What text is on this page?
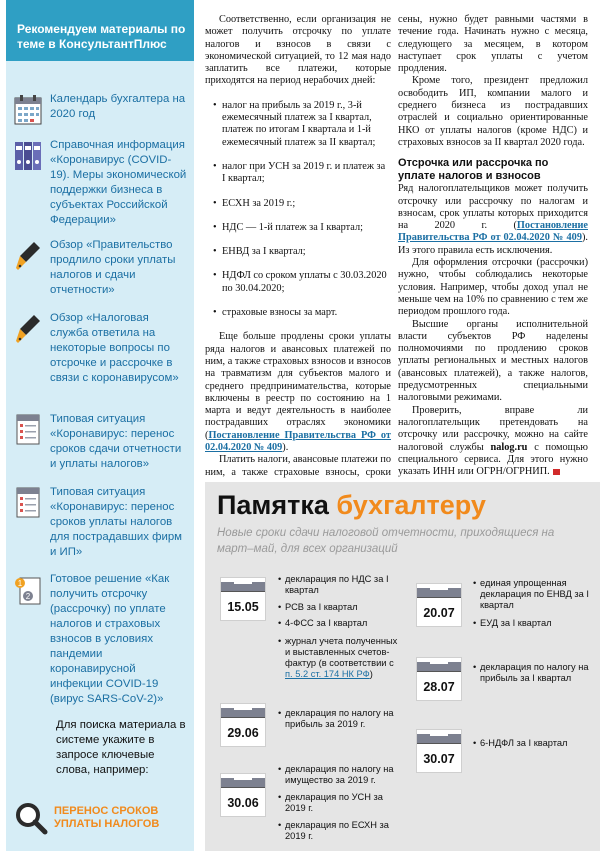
Рекомендуем материалы по теме в КонсультантПлюс
Календарь бухгалтера на 2020 год
Справочная информация «Коронавирус (COVID-19). Меры экономической поддержки бизнеса в субъектах Российской Федерации»
Обзор «Правительство продлило сроки уплаты налогов и сдачи отчетности»
Обзор «Налоговая служба ответила на некоторые вопросы по отсрочке и рассрочке в связи с коронавирусом»
Типовая ситуация «Коронавирус: перенос сроков сдачи отчетности и уплаты налогов»
Типовая ситуация «Коронавирус: перенос сроков уплаты налогов для пострадавших фирм и ИП»
1
2
Готовое решение «Как получить отсрочку (рассрочку) по уплате налогов и страховых взносов в условиях пандемии коронавирусной инфекции COVID-19 (вирус SARS-CoV-2)»
Для поиска материала в системе укажите в запросе ключевые слова, например:
ПЕРЕНОС СРОКОВ УПЛАТЫ НАЛОГОВ

Соответственно, если организация не может получить отсрочку по уплате налогов и взносов в связи с экономической ситуацией, то 12 мая надо заплатить все платежи, которые приходятся на период нерабочих дней:

• налог на прибыль за 2019 г., 3-й ежемесячный платеж за I квартал, платеж по итогам I квартала и 1-й ежемесячный платеж за II квартал;
• налог при УСН за 2019 г. и платеж за I квартал;
• ЕСХН за 2019 г.;
• НДС — 1-й платеж за I квартал;
• ЕНВД за I квартал;
• НДФЛ со сроком уплаты с 30.03.2020 по 30.04.2020;
• страховые взносы за март.

Еще больше продлены сроки уплаты ряда налогов и авансовых платежей по ним, а также страховых взносов и взносов на травматизм для субъектов малого и среднего предпринимательства, которые включены в реестр по состоянию на 1 марта и ведут деятельность в наиболее пострадавших отраслях экономики (Постановление Правительства РФ от 02.04.2020 № 409).

Платить налоги, авансовые платежи по ним, а также страховые взносы, сроки

сены, нужно будет равными частями в течение года. Начинать нужно с месяца, следующего за месяцем, в котором наступает срок уплаты с учетом продления.

Кроме того, президент предложил освободить ИП, компании малого и среднего бизнеса из пострадавших отраслей и социально ориентированные НКО от уплаты налогов (кроме НДС) и страховых взносов за II квартал 2020 года.

Отсрочка или рассрочка по уплате налогов и взносов

Ряд налогоплательщиков может получить отсрочку или рассрочку по налогам и взносам, срок уплаты которых приходится на 2020 г. (Постановление Правительства РФ от 02.04.2020 № 409). Из этого правила есть исключения.

Для оформления отсрочки (рассрочки) нужно, чтобы соблюдались некоторые условия. Например, чтобы доход упал не меньше чем на 10% по сравнению с тем же периодом прошлого года.

Высшие органы исполнительной власти субъектов РФ наделены полномочиями по продлению сроков уплаты региональных и местных налогов (авансовых платежей), а также налогов, предусмотренных специальными налоговыми режимами.

Проверить, вправе ли налогоплательщик претендовать на отсрочку или рассрочку, можно на сайте налоговой службы nalog.ru с помощью специального сервиса. Для этого нужно указать ИНН или ОГРН/ОГРНИП.

Памятка бухгалтеру
Новые сроки сдачи налоговой отчетности, приходящиеся на март–май, для всех организаций
15.05
29.06
30.06
20.07
28.07
30.07
• декларация по НДС за I квартал
• РСВ за I квартал
• 4-ФСС за I квартал
• журнал учета полученных и выставленных счетов-фактур (в соответствии с п. 5.2 ст. 174 НК РФ)
• декларация по налогу на прибыль за 2019 г.
• декларация по налогу на имущество за 2019 г.
• декларация по УСН за 2019 г.
• декларация по ЕСХН за 2019 г.
• единая упрощенная декларация по ЕНВД за I квартал
• ЕУД за I квартал
• декларация по налогу на прибыль за I квартал
• 6-НДФЛ за I квартал
